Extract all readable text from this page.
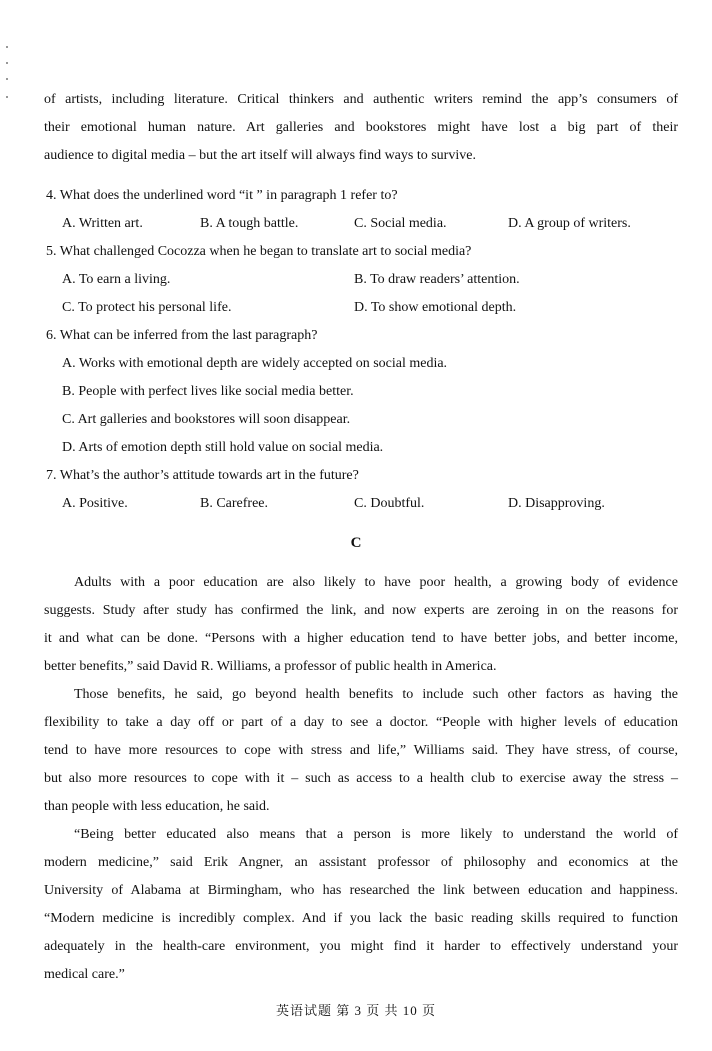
of artists, including literature. Critical thinkers and authentic writers remind the app’s consumers of
their emotional human nature. Art galleries and bookstores might have lost a big part of their
audience to digital media – but the art itself will always find ways to survive.
4. What does the underlined word “it ” in paragraph 1 refer to?
A. Written art.	B. A tough battle.	C. Social media.	D. A group of writers.
5. What challenged Cocozza when he began to translate art to social media?
A. To earn a living.	B. To draw readers’ attention.
C. To protect his personal life.	D. To show emotional depth.
6. What can be inferred from the last paragraph?
A. Works with emotional depth are widely accepted on social media.
B. People with perfect lives like social media better.
C. Art galleries and bookstores will soon disappear.
D. Arts of emotion depth still hold value on social media.
7. What’s the author’s attitude towards art in the future?
A. Positive.	B. Carefree.	C. Doubtful.	D. Disapproving.
C
Adults with a poor education are also likely to have poor health, a growing body of evidence
suggests. Study after study has confirmed the link, and now experts are zeroing in on the reasons for
it and what can be done. “Persons with a higher education tend to have better jobs, and better income,
better benefits,” said David R. Williams, a professor of public health in America.
Those benefits, he said, go beyond health benefits to include such other factors as having the
flexibility to take a day off or part of a day to see a doctor. “People with higher levels of education
tend to have more resources to cope with stress and life,” Williams said. They have stress, of course,
but also more resources to cope with it – such as access to a health club to exercise away the stress –
than people with less education, he said.
“Being better educated also means that a person is more likely to understand the world of
modern medicine,” said Erik Angner, an assistant professor of philosophy and economics at the
University of Alabama at Birmingham, who has researched the link between education and happiness.
“Modern medicine is incredibly complex. And if you lack the basic reading skills required to function
adequately in the health-care environment, you might find it harder to effectively understand your
medical care.”
英语试题 第 3 页 共 10 页
